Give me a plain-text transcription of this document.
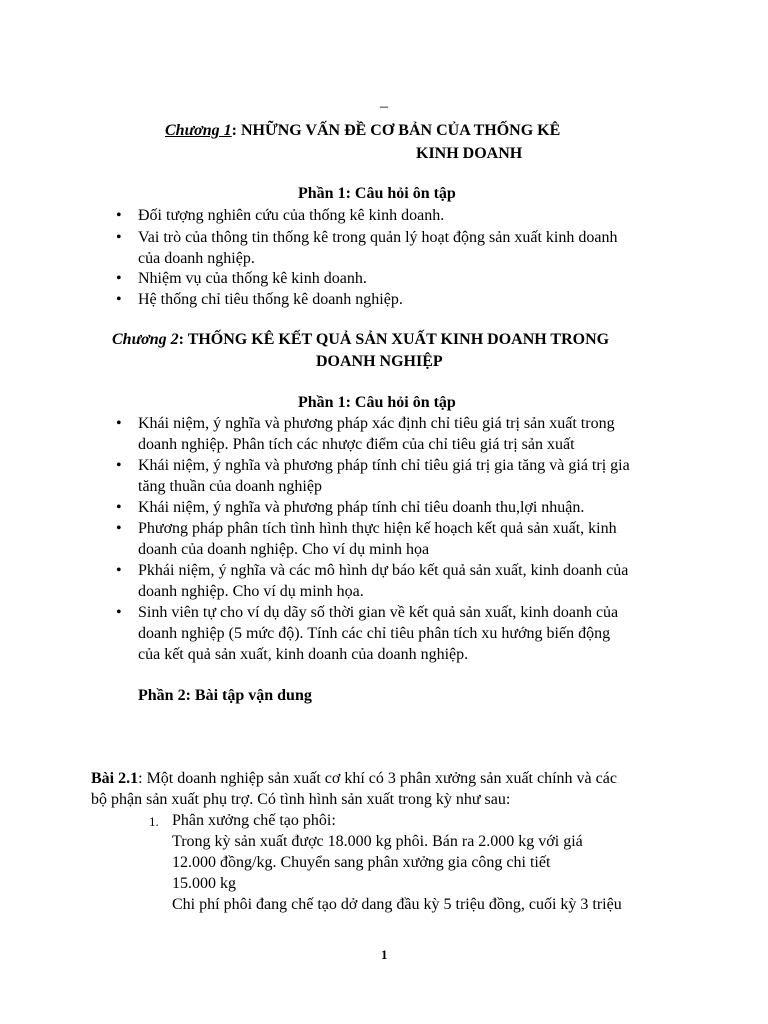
–
Chương 1: NHỮNG VẤN ĐỀ CƠ BẢN CỦA THỐNG KÊ
KINH DOANH
Phần 1: Câu hỏi ôn tập
• Đối tượng nghiên cứu của thống kê kinh doanh.
• Vai trò của thông tin thống kê trong quản lý hoạt động sản xuất kinh doanh
của doanh nghiệp.
• Nhiệm vụ của thống kê kinh doanh.
• Hệ thống chỉ tiêu thống kê doanh nghiệp.
Chương 2: THỐNG KÊ KẾT QUẢ SẢN XUẤT KINH DOANH TRONG
DOANH NGHIỆP
Phần 1: Câu hỏi ôn tập
• Khái niệm, ý nghĩa và phương pháp xác định chỉ tiêu giá trị sản xuất trong
doanh nghiệp. Phân tích các nhược điểm của chỉ tiêu giá trị sản xuất
• Khái niệm, ý nghĩa và phương pháp tính chỉ tiêu giá trị gia tăng và giá trị gia
tăng thuần của doanh nghiệp
• Khái niệm, ý nghĩa và phương pháp tính chỉ tiêu doanh thu,lợi nhuận.
• Phương pháp phân tích tình hình thực hiện kế hoạch kết quả sản xuất, kinh
doanh của doanh nghiệp. Cho ví dụ minh họa
• Pkhái niệm, ý nghĩa và các mô hình dự báo kết quả sản xuất, kinh doanh của
doanh nghiệp. Cho ví dụ minh họa.
• Sinh viên tự cho ví dụ dãy số thời gian về kết quả sản xuất, kinh doanh của
doanh nghiệp (5 mức độ). Tính các chỉ tiêu phân tích xu hướng biến động
của kết quả sản xuất, kinh doanh của doanh nghiệp.
Phần 2: Bài tập vận dung
Bài 2.1: Một doanh nghiệp sản xuất cơ khí có 3 phân xưởng sản xuất chính và các
bộ phận sản xuất phụ trợ. Có tình hình sản xuất trong kỳ như sau:
1. Phân xưởng chế tạo phôi:
Trong kỳ sản xuất được 18.000 kg phôi. Bán ra 2.000 kg với giá
12.000 đồng/kg. Chuyển sang phân xưởng gia công chi tiết
15.000 kg
Chi phí phôi đang chế tạo dở dang đầu kỳ 5 triệu đồng, cuối kỳ 3 triệu
1
